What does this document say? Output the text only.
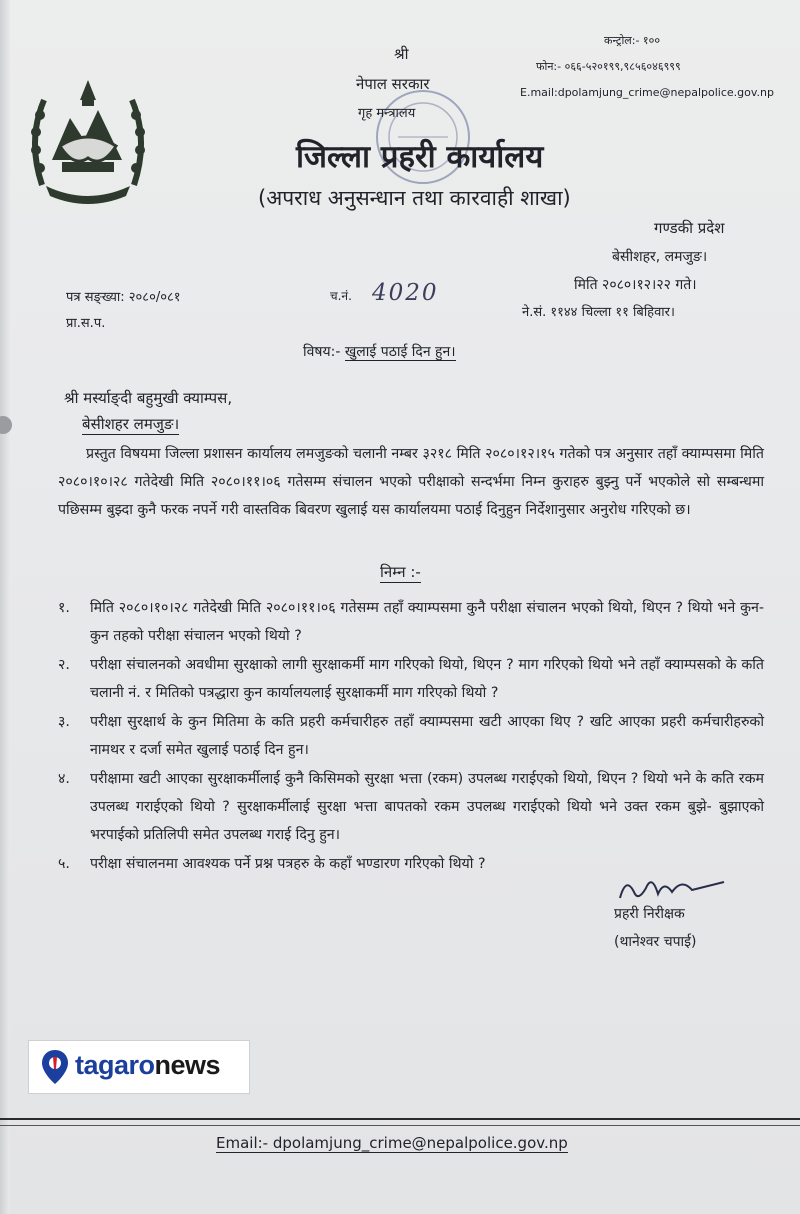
श्री
नेपाल सरकार
गृह मन्त्रालय
जिल्ला प्रहरी कार्यालय
(अपराध अनुसन्धान तथा कारवाही शाखा)
कन्ट्रोल:- १००
फोन:- ०६६-५२०१९९,९८५६०४६९९९
E.mail:dpolamjung_crime@nepalpolice.gov.np
गण्डकी प्रदेश
बेसीशहर, लमजुङ।
मिति २०८०।१२।२२ गते।
ने.सं. ११४४ चिल्ला ११ बिहिवार।
पत्र सङ्ख्या: २०८०/०८१	च.नं. 4020
प्रा.स.प.
विषय:- खुलाई पठाई दिन हुन।
श्री मर्स्याङ्दी बहुमुखी क्याम्पस,
बेसीशहर लमजुङ।
प्रस्तुत विषयमा जिल्ला प्रशासन कार्यालय लमजुङको चलानी नम्बर ३२१८ मिति २०८०।१२।१५ गतेको पत्र अनुसार तहाँ क्याम्पसमा मिति २०८०।१०।२८ गतेदेखी मिति २०८०।११।०६ गतेसम्म संचालन भएको परीक्षाको सन्दर्भमा निम्न कुराहरु बुझ्नु पर्ने भएकोले सो सम्बन्धमा पछिसम्म बुझ्दा कुनै फरक नपर्ने गरी वास्तविक बिवरण खुलाई यस कार्यालयमा पठाई दिनुहुन निर्देशानुसार अनुरोध गरिएको छ।
निम्न :-
१. मिति २०८०।१०।२८ गतेदेखी मिति २०८०।११।०६ गतेसम्म तहाँ क्याम्पसमा कुनै परीक्षा संचालन भएको थियो, थिएन ? थियो भने कुन- कुन तहको परीक्षा संचालन भएको थियो ?
२. परीक्षा संचालनको अवधीमा सुरक्षाको लागी सुरक्षाकर्मी माग गरिएको थियो, थिएन ? माग गरिएको थियो भने तहाँ क्याम्पसको के कति चलानी नं. र मितिको पत्रद्धारा कुन कार्यालयलाई सुरक्षाकर्मी माग गरिएको थियो ?
३. परीक्षा सुरक्षार्थ के कुन मितिमा के कति प्रहरी कर्मचारीहरु तहाँ क्याम्पसमा खटी आएका थिए ? खटि आएका प्रहरी कर्मचारीहरुको नामथर र दर्जा समेत खुलाई पठाई दिन हुन।
४. परीक्षामा खटी आएका सुरक्षाकर्मीलाई कुनै किसिमको सुरक्षा भत्ता (रकम) उपलब्ध गराईएको थियो, थिएन ? थियो भने के कति रकम उपलब्ध गराईएको थियो ? सुरक्षाकर्मीलाई सुरक्षा भत्ता बापतको रकम उपलब्ध गराईएको थियो भने उक्त रकम बुझे- बुझाएको भरपाईको प्रतिलिपी समेत उपलब्ध गराई दिनु हुन।
५. परीक्षा संचालनमा आवश्यक पर्ने प्रश्न पत्रहरु के कहाँ भण्डारण गरिएको थियो ?
प्रहरी निरीक्षक
(थानेश्वर चपाई)
tagaronews
Email:- dpolamjung_crime@nepalpolice.gov.np
